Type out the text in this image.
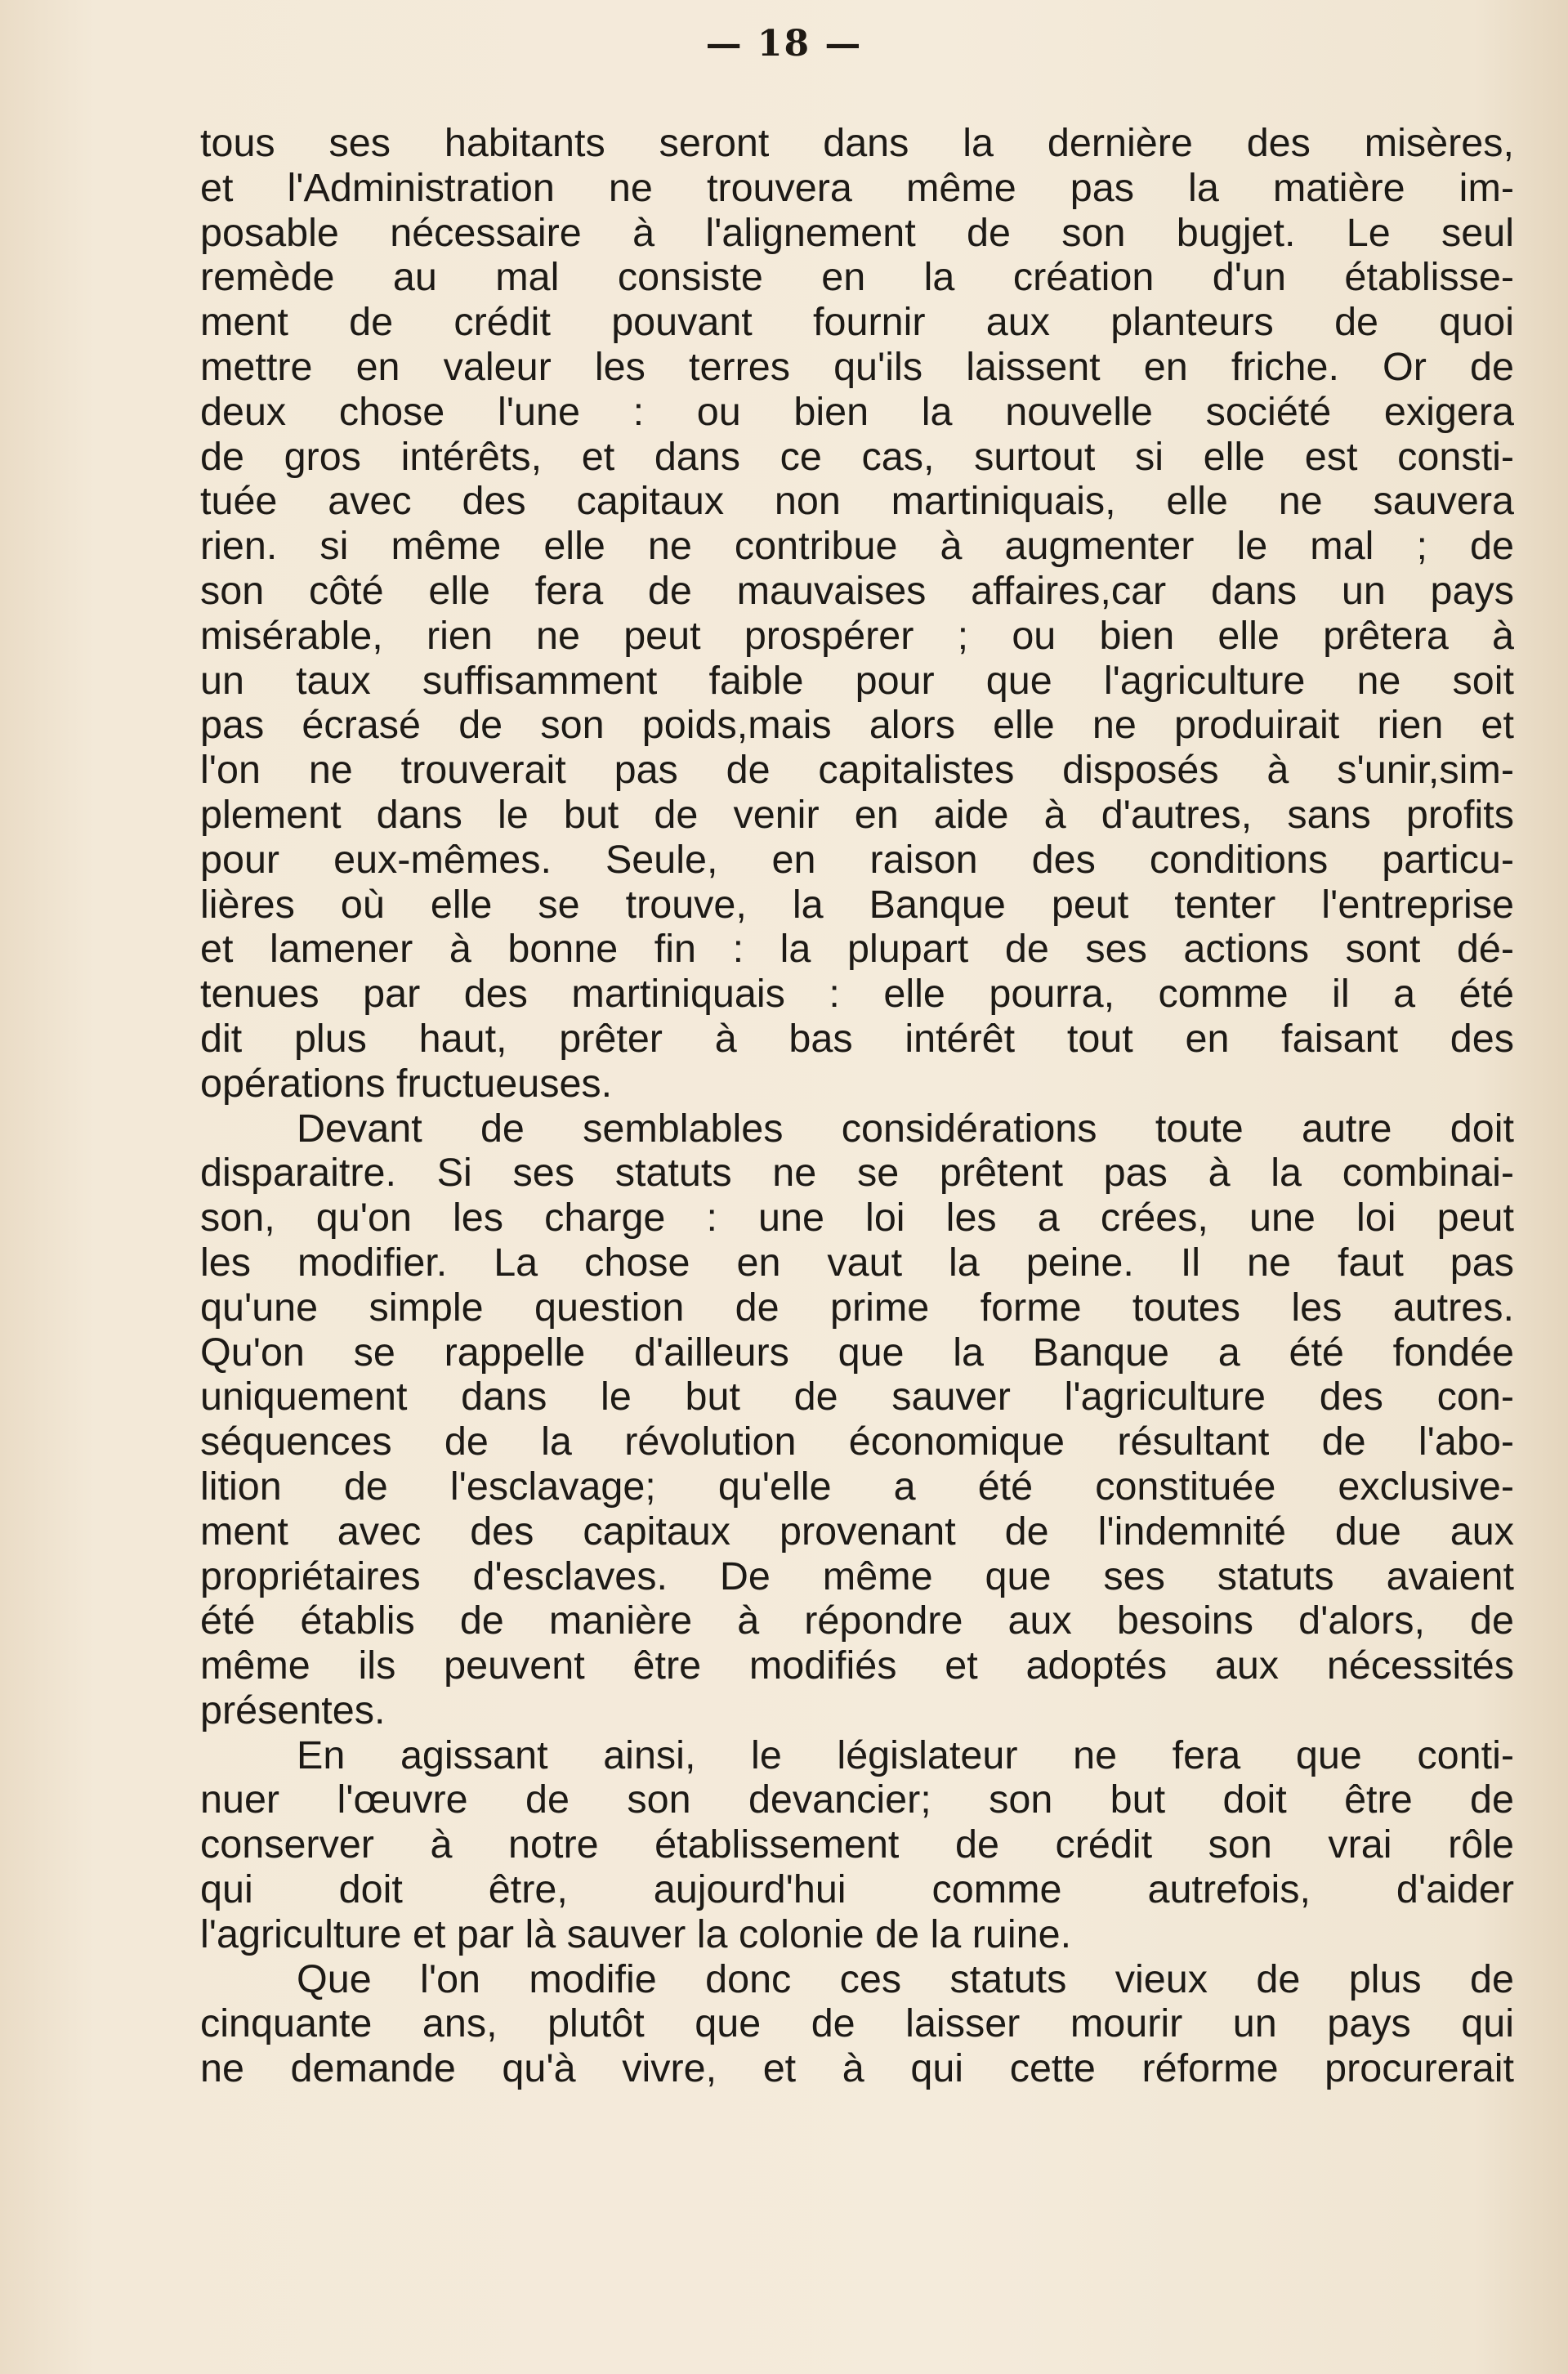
— 18 —
tous ses habitants seront dans la dernière des misères,
et l'Administration ne trouvera même pas la matière im-
posable nécessaire à l'alignement de son bugjet. Le seul
remède au mal consiste en la création d'un établisse-
ment de crédit pouvant fournir aux planteurs de quoi
mettre en valeur les terres qu'ils laissent en friche. Or de
deux chose l'une : ou bien la nouvelle société exigera
de gros intérêts, et dans ce cas, surtout si elle est consti-
tuée avec des capitaux non martiniquais, elle ne sauvera
rien. si même elle ne contribue à augmenter le mal ; de
son côté elle fera de mauvaises affaires,car dans un pays
misérable, rien ne peut prospérer ; ou bien elle prêtera à
un taux suffisamment faible pour que l'agriculture ne soit
pas écrasé de son poids,mais alors elle ne produirait rien et
l'on ne trouverait pas de capitalistes disposés à s'unir,sim-
plement dans le but de venir en aide à d'autres, sans profits
pour eux-mêmes. Seule, en raison des conditions particu-
lières où elle se trouve, la Banque peut tenter l'entreprise
et lamener à bonne fin : la plupart de ses actions sont dé-
tenues par des martiniquais : elle pourra, comme il a été
dit plus haut, prêter à bas intérêt tout en faisant des
opérations fructueuses.
Devant de semblables considérations toute autre doit
disparaitre. Si ses statuts ne se prêtent pas à la combinai-
son, qu'on les charge : une loi les a crées, une loi peut
les modifier. La chose en vaut la peine. Il ne faut pas
qu'une simple question de prime forme toutes les autres.
Qu'on se rappelle d'ailleurs que la Banque a été fondée
uniquement dans le but de sauver l'agriculture des con-
séquences de la révolution économique résultant de l'abo-
lition de l'esclavage; qu'elle a été constituée exclusive-
ment avec des capitaux provenant de l'indemnité due aux
propriétaires d'esclaves. De même que ses statuts avaient
été établis de manière à répondre aux besoins d'alors, de
même ils peuvent être modifiés et adoptés aux nécessités
présentes.
En agissant ainsi, le législateur ne fera que conti-
nuer l'œuvre de son devancier; son but doit être de
conserver à notre établissement de crédit son vrai rôle
qui doit être, aujourd'hui comme autrefois, d'aider
l'agriculture et par là sauver la colonie de la ruine.
Que l'on modifie donc ces statuts vieux de plus de
cinquante ans, plutôt que de laisser mourir un pays qui
ne demande qu'à vivre, et à qui cette réforme procurerait
